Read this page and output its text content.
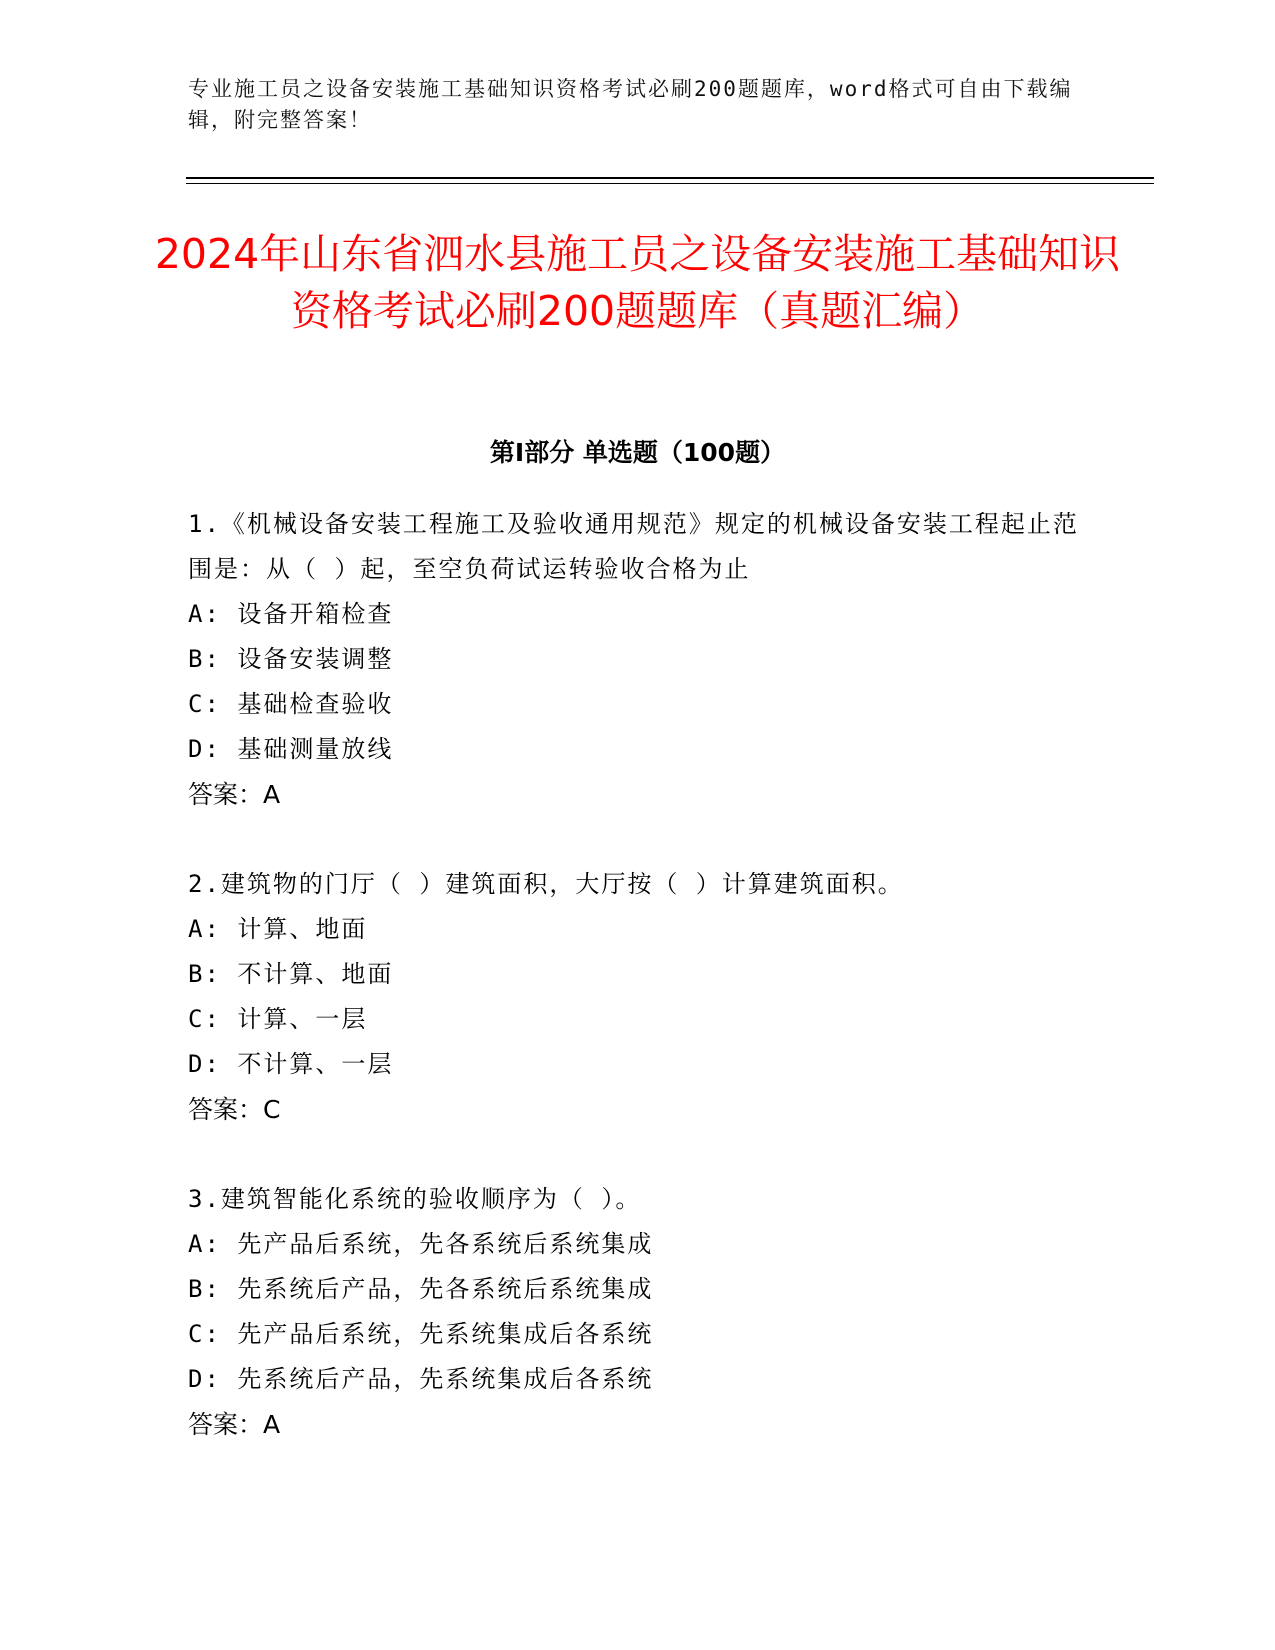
专业施工员之设备安装施工基础知识资格考试必刷200题题库，word格式可自由下载编辑，附完整答案！
2024年山东省泗水县施工员之设备安装施工基础知识资格考试必刷200题题库（真题汇编）
第Ⅰ部分 单选题（100题）

1.《机械设备安装工程施工及验收通用规范》规定的机械设备安装工程起止范围是：从（ ）起，至空负荷试运转验收合格为止

A: 设备开箱检查

B: 设备安装调整

C: 基础检查验收

D: 基础测量放线

答案：A

2.建筑物的门厅（ ）建筑面积，大厅按（ ）计算建筑面积。

A: 计算、地面

B: 不计算、地面

C: 计算、一层

D: 不计算、一层

答案：C

3.建筑智能化系统的验收顺序为（ ）。

A: 先产品后系统，先各系统后系统集成

B: 先系统后产品，先各系统后系统集成

C: 先产品后系统，先系统集成后各系统

D: 先系统后产品，先系统集成后各系统

答案：A
